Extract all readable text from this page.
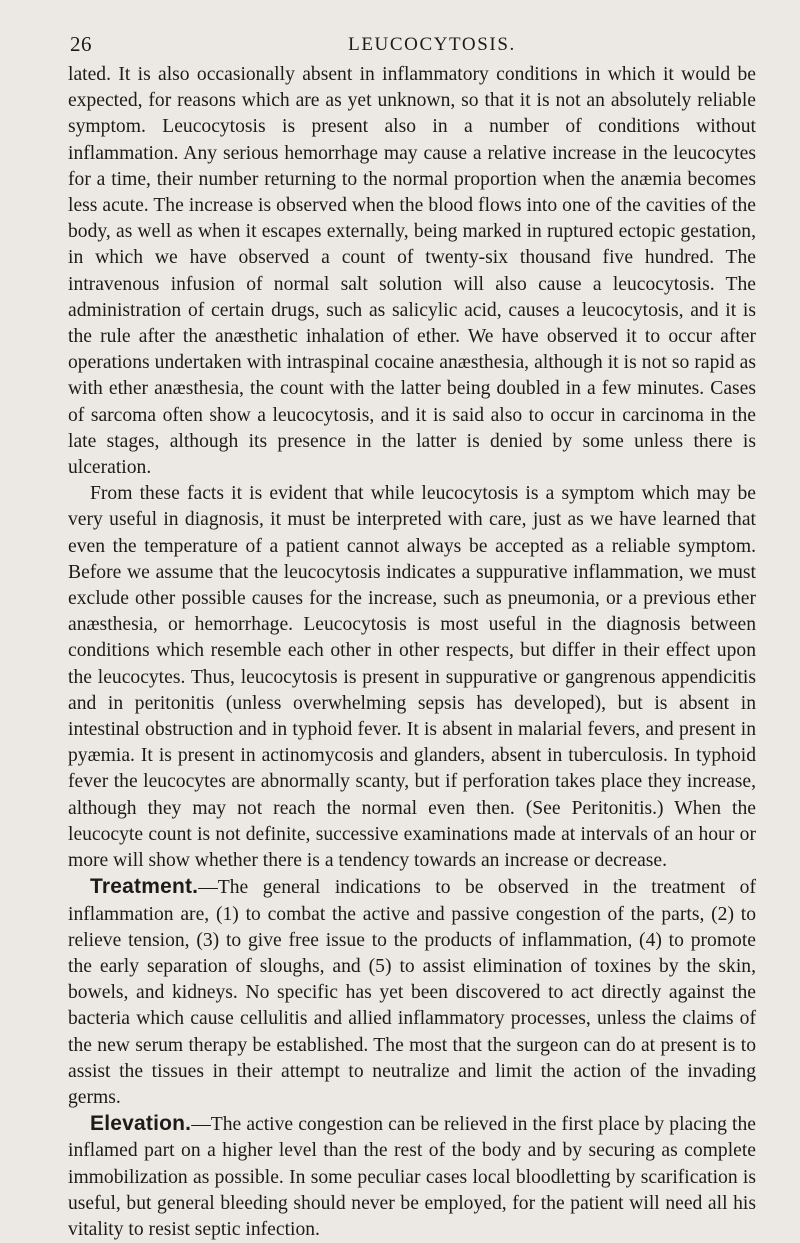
26	LEUCOCYTOSIS.

lated. It is also occasionally absent in inflammatory conditions in which it would be expected, for reasons which are as yet unknown, so that it is not an absolutely reliable symptom. Leucocytosis is present also in a number of conditions without inflammation. Any serious hemorrhage may cause a relative increase in the leucocytes for a time, their number returning to the normal proportion when the anæmia becomes less acute. The increase is observed when the blood flows into one of the cavities of the body, as well as when it escapes externally, being marked in ruptured ectopic gestation, in which we have observed a count of twenty-six thousand five hundred. The intravenous infusion of normal salt solution will also cause a leucocytosis. The administration of certain drugs, such as salicylic acid, causes a leucocytosis, and it is the rule after the anæsthetic inhalation of ether. We have observed it to occur after operations undertaken with intraspinal cocaine anæsthesia, although it is not so rapid as with ether anæsthesia, the count with the latter being doubled in a few minutes. Cases of sarcoma often show a leucocytosis, and it is said also to occur in carcinoma in the late stages, although its presence in the latter is denied by some unless there is ulceration.

From these facts it is evident that while leucocytosis is a symptom which may be very useful in diagnosis, it must be interpreted with care, just as we have learned that even the temperature of a patient cannot always be accepted as a reliable symptom. Before we assume that the leucocytosis indicates a suppurative inflammation, we must exclude other possible causes for the increase, such as pneumonia, or a previous ether anæsthesia, or hemorrhage. Leucocytosis is most useful in the diagnosis between conditions which resemble each other in other respects, but differ in their effect upon the leucocytes. Thus, leucocytosis is present in suppurative or gangrenous appendicitis and in peritonitis (unless overwhelming sepsis has developed), but is absent in intestinal obstruction and in typhoid fever. It is absent in malarial fevers, and present in pyæmia. It is present in actinomycosis and glanders, absent in tuberculosis. In typhoid fever the leucocytes are abnormally scanty, but if perforation takes place they increase, although they may not reach the normal even then. (See Peritonitis.) When the leucocyte count is not definite, successive examinations made at intervals of an hour or more will show whether there is a tendency towards an increase or decrease.

Treatment.—The general indications to be observed in the treatment of inflammation are, (1) to combat the active and passive congestion of the parts, (2) to relieve tension, (3) to give free issue to the products of inflammation, (4) to promote the early separation of sloughs, and (5) to assist elimination of toxines by the skin, bowels, and kidneys. No specific has yet been discovered to act directly against the bacteria which cause cellulitis and allied inflammatory processes, unless the claims of the new serum therapy be established. The most that the surgeon can do at present is to assist the tissues in their attempt to neutralize and limit the action of the invading germs.

Elevation.—The active congestion can be relieved in the first place by placing the inflamed part on a higher level than the rest of the body and by securing as complete immobilization as possible. In some peculiar cases local bloodletting by scarification is useful, but general bleeding should never be employed, for the patient will need all his vitality to resist septic infection.
